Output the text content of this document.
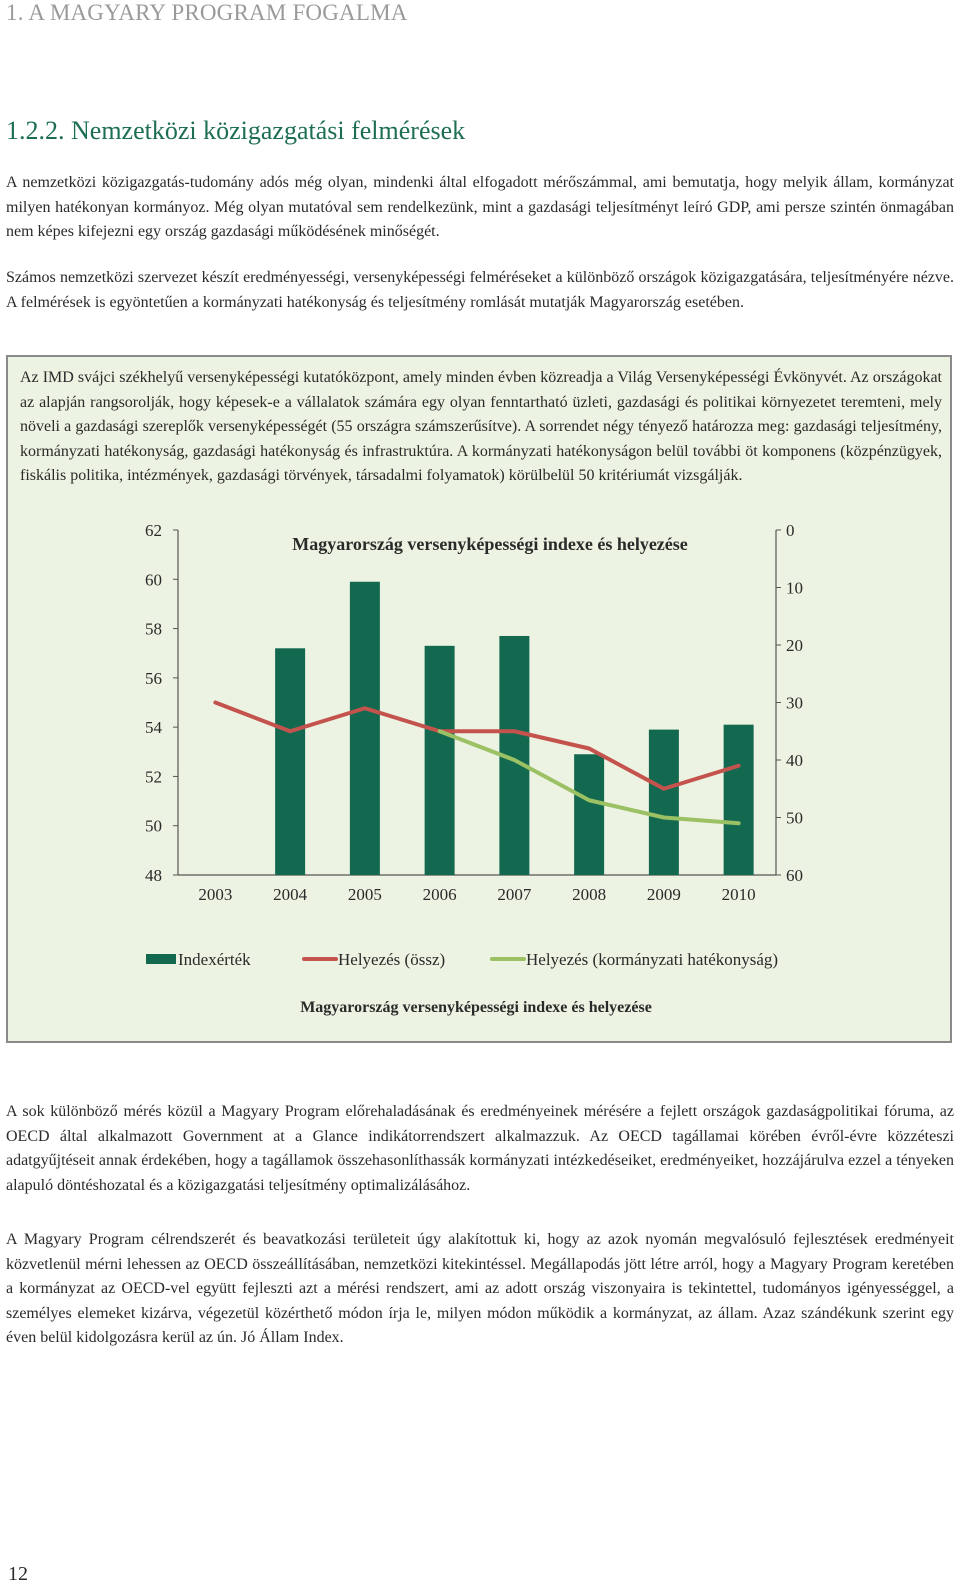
1. A MAGYARY PROGRAM FOGALMA
1.2.2. Nemzetközi közigazgatási felmérések

A nemzetközi közigazgatás-tudomány adós még olyan, mindenki által elfogadott mérőszámmal, ami bemutatja, hogy melyik állam, kormányzat milyen hatékonyan kormányoz. Még olyan mutatóval sem rendelkezünk, mint a gazdasági teljesítményt leíró GDP, ami persze szintén önmagában nem képes kifejezni egy ország gazdasági működésének minőségét.

Számos nemzetközi szervezet készít eredményességi, versenyképességi felméréseket a különböző országok közigazgatására, teljesítményére nézve. A felmérések is egyöntetűen a kormányzati hatékonyság és teljesítmény romlását mutatják Magyarország esetében.

Az IMD svájci székhelyű versenyképességi kutatóközpont, amely minden évben közreadja a Világ Versenyképességi Évkönyvét. Az országokat az alapján rangsorolják, hogy képesek-e a vállalatok számára egy olyan fenntartható üzleti, gazdasági és politikai környezetet teremteni, mely növeli a gazdasági szereplők versenyképességét (55 országra számszerűsítve). A sorrendet négy tényező határozza meg: gazdasági teljesítmény, kormányzati hatékonyság, gazdasági hatékonyság és infrastruktúra. A kormányzati hatékonyságon belül további öt komponens (közpénzügyek, fiskális politika, intézmények, gazdasági törvények, társadalmi folyamatok) körülbelül 50 kritériumát vizsgálják.

48
50
52
54
56
58
60
62	0
10
20
30
40
50
60
2003 2004 2005 2006 2007 2008 2009 2010
Magyarország versenyképességi indexe és helyezése
Indexérték	Helyezés (össz)	Helyezés (kormányzati hatékonyság)
Magyarország versenyképességi indexe és helyezése

A sok különböző mérés közül a Magyary Program előrehaladásának és eredményeinek mérésére a fejlett országok gazdaságpolitikai fóruma, az OECD által alkalmazott Government at a Glance indikátorrendszert alkalmazzuk. Az OECD tagállamai körében évről-évre közzéteszi adatgyűjtéseit annak érdekében, hogy a tagállamok összehasonlíthassák kormányzati intézkedéseiket, eredményeiket, hozzájárulva ezzel a tényeken alapuló döntéshozatal és a közigazgatási teljesítmény optimalizálásához.

A Magyary Program célrendszerét és beavatkozási területeit úgy alakítottuk ki, hogy az azok nyomán megvalósuló fejlesztések eredményeit közvetlenül mérni lehessen az OECD összeállításában, nemzetközi kitekintéssel. Megállapodás jött létre arról, hogy a Magyary Program keretében a kormányzat az OECD-vel együtt fejleszti azt a mérési rendszert, ami az adott ország viszonyaira is tekintettel, tudományos igényességgel, a személyes elemeket kizárva, végezetül közérthető módon írja le, milyen módon működik a kormányzat, az állam. Azaz szándékunk szerint egy éven belül kidolgozásra kerül az ún. Jó Állam Index.

12
